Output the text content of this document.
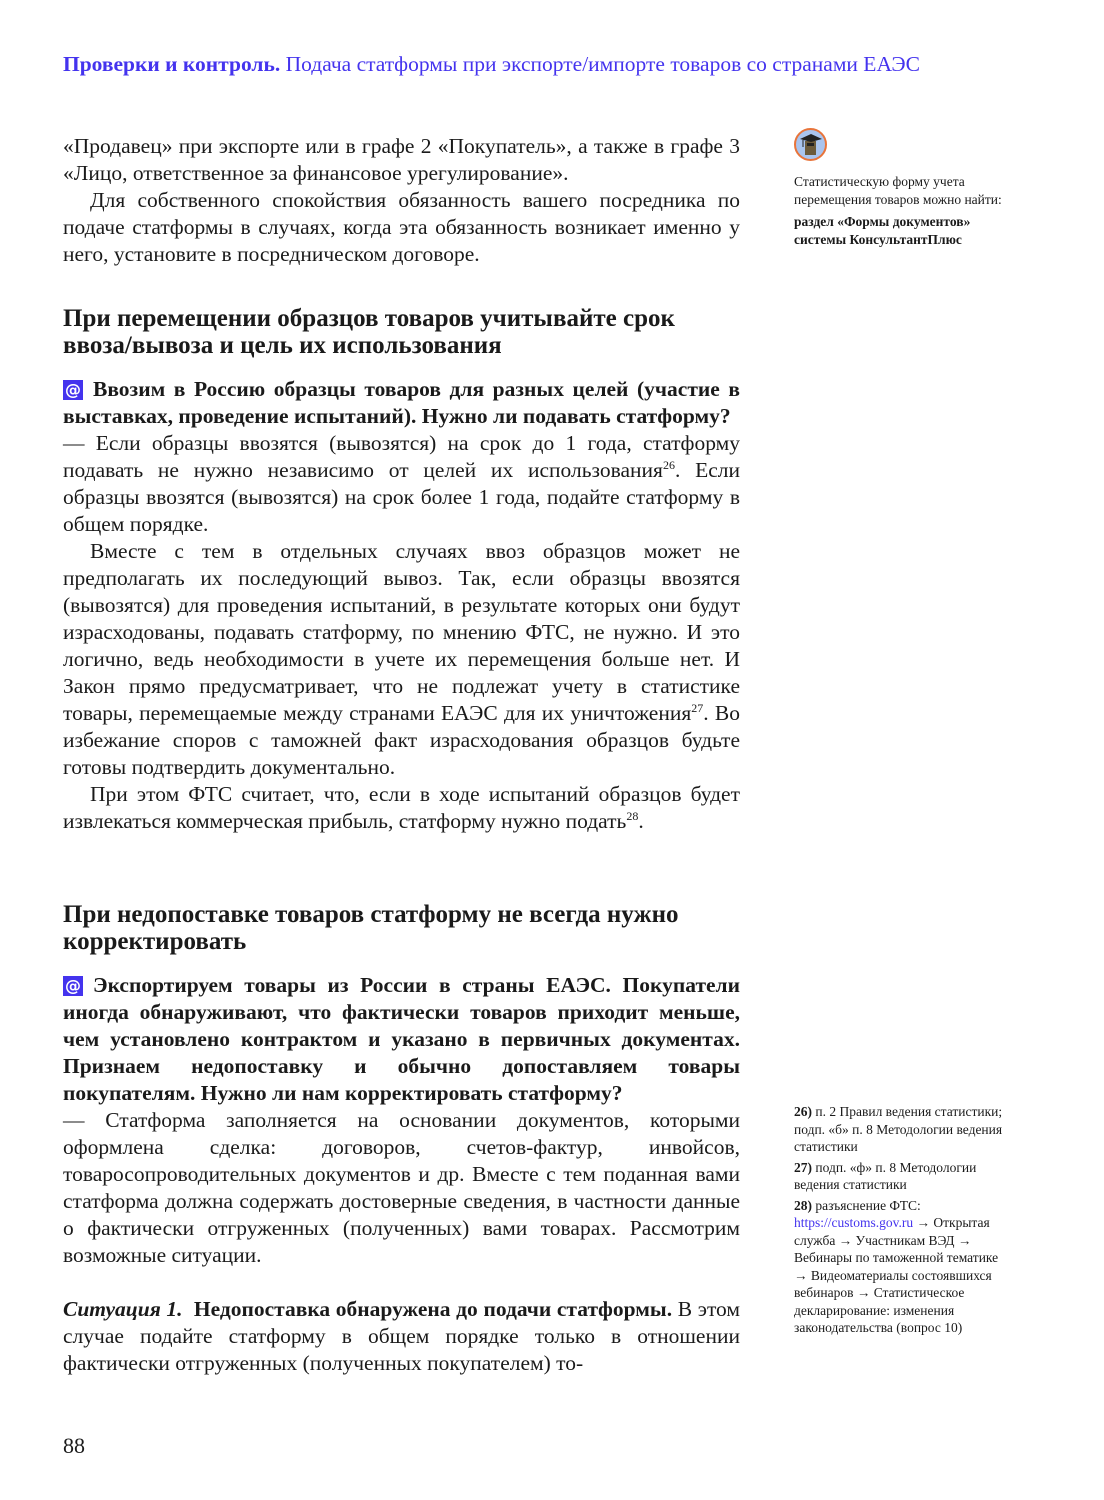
Проверки и контроль. Подача статформы при экспорте/импорте товаров со странами ЕАЭС

«Продавец» при экспорте или в графе 2 «Покупатель», а также в графе 3 «Лицо, ответственное за финансовое урегулирование».

Для собственного спокойствия обязанность вашего посредника по подаче статформы в случаях, когда эта обязанность возникает именно у него, установите в посредническом договоре.

При перемещении образцов товаров учитывайте срок ввоза/вывоза и цель их использования

@ Ввозим в Россию образцы товаров для разных целей (участие в выставках, проведение испытаний). Нужно ли подавать статформу?

— Если образцы ввозятся (вывозятся) на срок до 1 года, статформу подавать не нужно независимо от целей их использования$^{26}$. Если образцы ввозятся (вывозятся) на срок более 1 года, подайте статформу в общем порядке.

Вместе с тем в отдельных случаях ввоз образцов может не предполагать их последующий вывоз. Так, если образцы ввозятся (вывозятся) для проведения испытаний, в результате которых они будут израсходованы, подавать статформу, по мнению ФТС, не нужно. И это логично, ведь необходимости в учете их перемещения больше нет. И Закон прямо предусматривает, что не подлежат учету в статистике товары, перемещаемые между странами ЕАЭС для их уничтожения$^{27}$. Во избежание споров с таможней факт израсходования образцов будьте готовы подтвердить документально.

При этом ФТС считает, что, если в ходе испытаний образцов будет извлекаться коммерческая прибыль, статформу нужно подать$^{28}$.

При недопоставке товаров статформу не всегда нужно корректировать

@ Экспортируем товары из России в страны ЕАЭС. Покупатели иногда обнаруживают, что фактически товаров приходит меньше, чем установлено контрактом и указано в первичных документах. Признаем недопоставку и обычно допоставляем товары покупателям. Нужно ли нам корректировать статформу?

— Статформа заполняется на основании документов, которыми оформлена сделка: договоров, счетов-фактур, инвойсов, товаросопроводительных документов и др. Вместе с тем поданная вами статформа должна содержать достоверные сведения, в частности данные о фактически отгруженных (полученных) вами товарах. Рассмотрим возможные ситуации.

Ситуация 1. Недопоставка обнаружена до подачи статформы. В этом случае подайте статформу в общем порядке только в отношении фактически отгруженных (полученных покупателем) то-

Статистическую форму учета перемещения товаров можно найти:
раздел «Формы документов» системы КонсультантПлюс
26) п. 2 Правил ведения статистики; подп. «б» п. 8 Методологии ведения статистики
27) подп. «ф» п. 8 Методологии ведения статистики
28) разъяснение ФТС:
https://customs.gov.ru → Открытая служба → Участникам ВЭД → Вебинары по таможенной тематике → Видеоматериалы состоявшихся вебинаров → Статистическое декларирование: изменения законодательства (вопрос 10)
88
